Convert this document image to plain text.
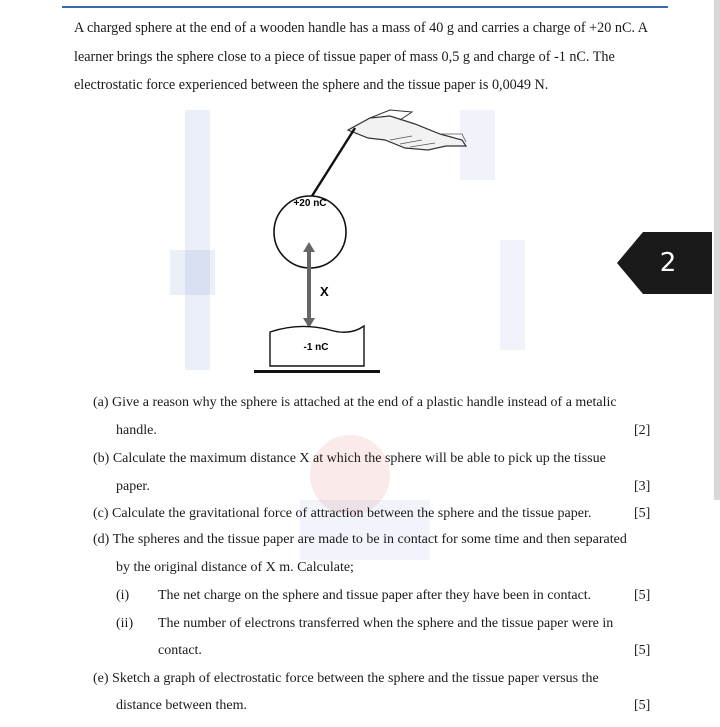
A charged sphere at the end of a wooden handle has a mass of 40 g and carries a charge of +20 nC. A learner brings the sphere close to a piece of tissue paper of mass 0,5 g and charge of -1 nC. The electrostatic force experienced between the sphere and the tissue paper is 0,0049 N.

+20 nC
X
-1 nC
(a) Give a reason why the sphere is attached at the end of a plastic handle instead of a metalic
handle.	[2]
(b) Calculate the maximum distance X at which the sphere will be able to pick up the tissue
paper.	[3]
(c) Calculate the gravitational force of attraction between the sphere and the tissue paper.	[5]
(d) The spheres and the tissue paper are made to be in contact for some time and then separated
by the original distance of X m. Calculate;
(i) The net charge on the sphere and tissue paper after they have been in contact.	[5]
(ii) The number of electrons transferred when the sphere and the tissue paper were in
contact.	[5]
(e) Sketch a graph of electrostatic force between the sphere and the tissue paper versus the
distance between them.	[5]
2
